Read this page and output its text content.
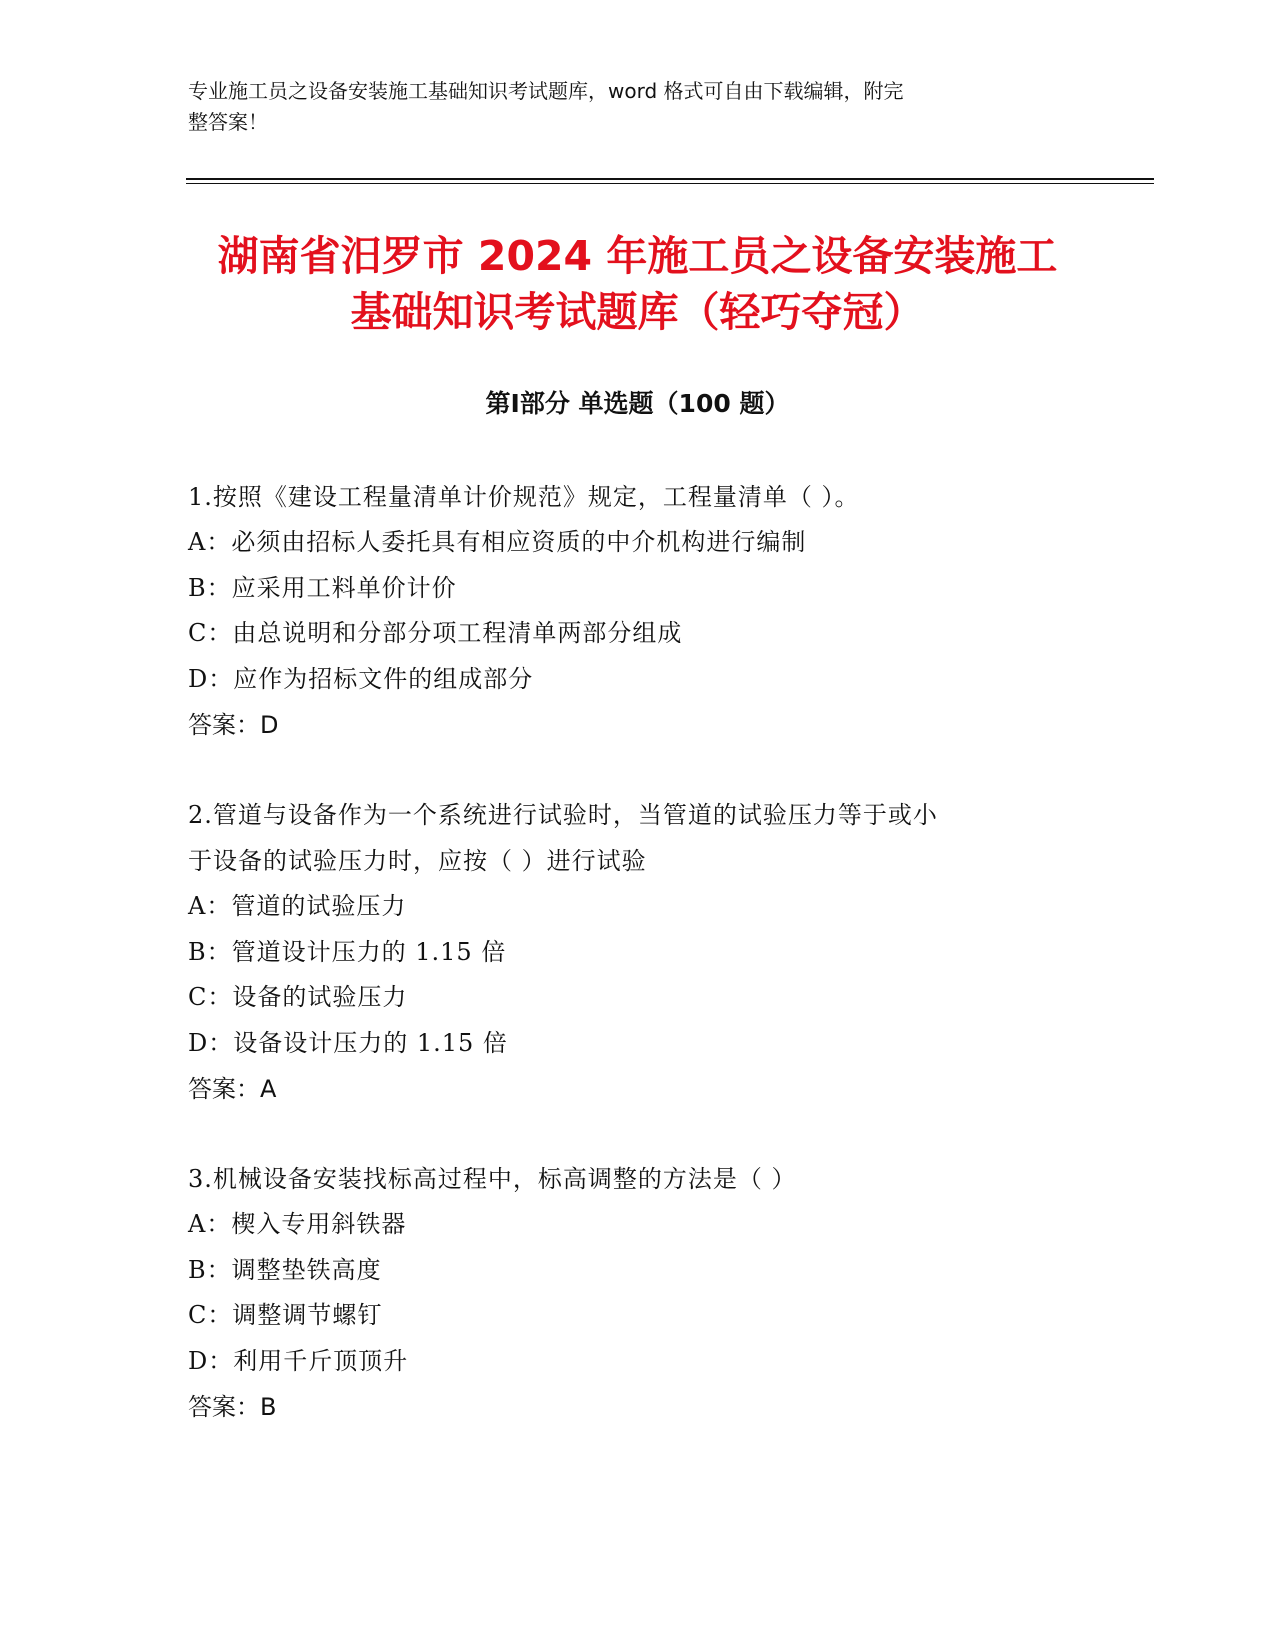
专业施工员之设备安装施工基础知识考试题库，word 格式可自由下载编辑，附完
整答案！

湖南省汨罗市 2024 年施工员之设备安装施工
基础知识考试题库（轻巧夺冠）
第Ⅰ部分 单选题（100 题）

1.按照《建设工程量清单计价规范》规定，工程量清单（ ）。

A：必须由招标人委托具有相应资质的中介机构进行编制

B：应采用工料单价计价

C：由总说明和分部分项工程清单两部分组成

D：应作为招标文件的组成部分

答案：D

2.管道与设备作为一个系统进行试验时，当管道的试验压力等于或小

于设备的试验压力时，应按（ ）进行试验

A：管道的试验压力

B：管道设计压力的 1.15 倍

C：设备的试验压力

D：设备设计压力的 1.15 倍

答案：A

3.机械设备安装找标高过程中，标高调整的方法是（ ）

A：楔入专用斜铁器

B：调整垫铁高度

C：调整调节螺钉

D：利用千斤顶顶升

答案：B
